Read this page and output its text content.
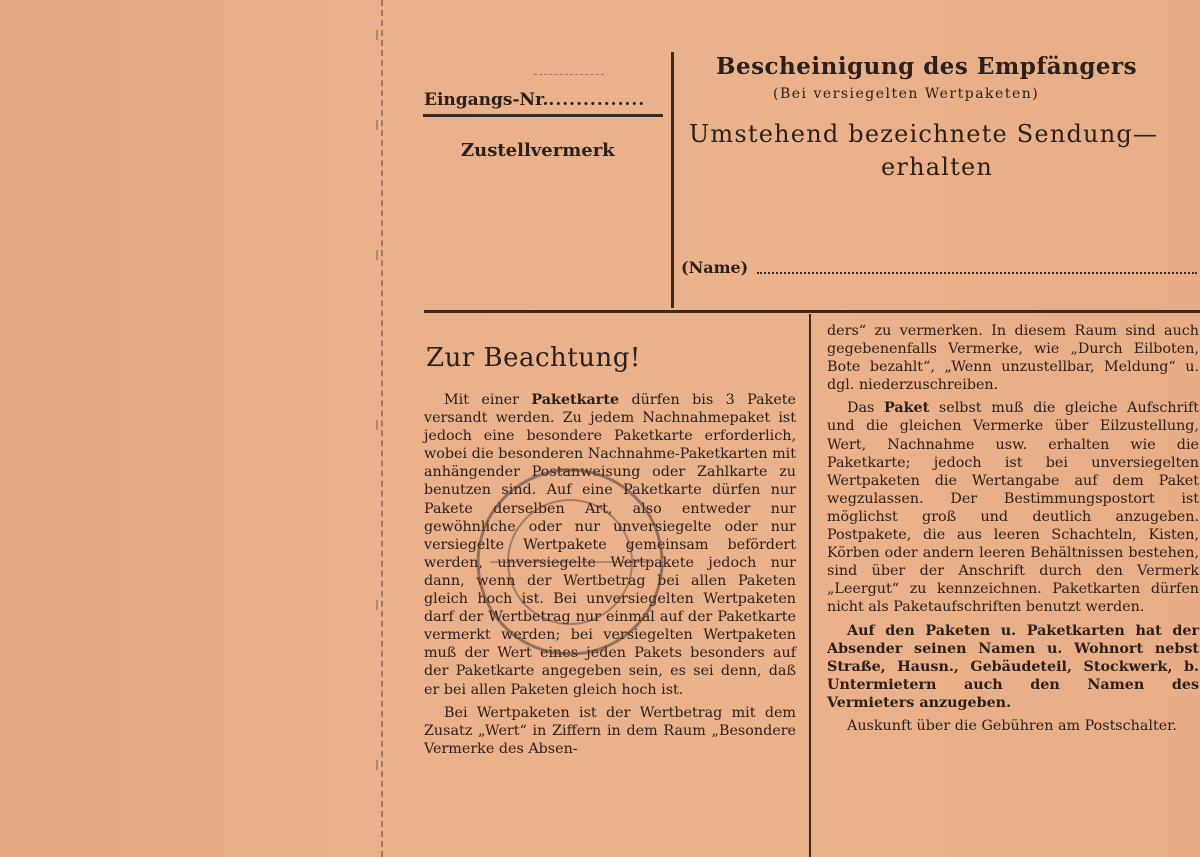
Eingangs-Nr...............
Zustellvermerk
Bescheinigung des Empfängers
(Bei versiegelten Wertpaketen)
Umstehend bezeichnete Sendung—
erhalten
(Name)
Zur Beachtung!

Mit einer Paketkarte dürfen bis 3 Pakete versandt werden. Zu jedem Nachnahmepaket ist jedoch eine besondere Paketkarte erforderlich, wobei die besonderen Nachnahme-Paketkarten mit anhängender Postanweisung oder Zahlkarte zu benutzen sind. Auf eine Paketkarte dürfen nur Pakete derselben Art, also entweder nur gewöhnliche oder nur unversiegelte oder nur versiegelte Wertpakete gemeinsam befördert werden, unversiegelte Wertpakete jedoch nur dann, wenn der Wertbetrag bei allen Paketen gleich hoch ist. Bei unversiegelten Wertpaketen darf der Wertbetrag nur einmal auf der Paketkarte vermerkt werden; bei versiegelten Wertpaketen muß der Wert eines jeden Pakets besonders auf der Paketkarte angegeben sein, es sei denn, daß er bei allen Paketen gleich hoch ist.

Bei Wertpaketen ist der Wertbetrag mit dem Zusatz „Wert“ in Ziffern in dem Raum „Besondere Vermerke des Absen-

ders“ zu vermerken. In diesem Raum sind auch gegebenenfalls Vermerke, wie „Durch Eilboten, Bote bezahlt“, „Wenn unzustellbar, Meldung“ u. dgl. niederzuschreiben.

Das Paket selbst muß die gleiche Aufschrift und die gleichen Vermerke über Eilzustellung, Wert, Nachnahme usw. erhalten wie die Paketkarte; jedoch ist bei unversiegelten Wertpaketen die Wertangabe auf dem Paket wegzulassen. Der Bestimmungspostort ist möglichst groß und deutlich anzugeben. Postpakete, die aus leeren Schachteln, Kisten, Körben oder andern leeren Behältnissen bestehen, sind über der Anschrift durch den Vermerk „Leergut“ zu kennzeichnen. Paketkarten dürfen nicht als Paketaufschriften benutzt werden.

Auf den Paketen u. Paketkarten hat der Absender seinen Namen u. Wohnort nebst Straße, Hausn., Gebäudeteil, Stockwerk, b. Untermietern auch den Namen des Vermieters anzugeben.

Auskunft über die Gebühren am Postschalter.
